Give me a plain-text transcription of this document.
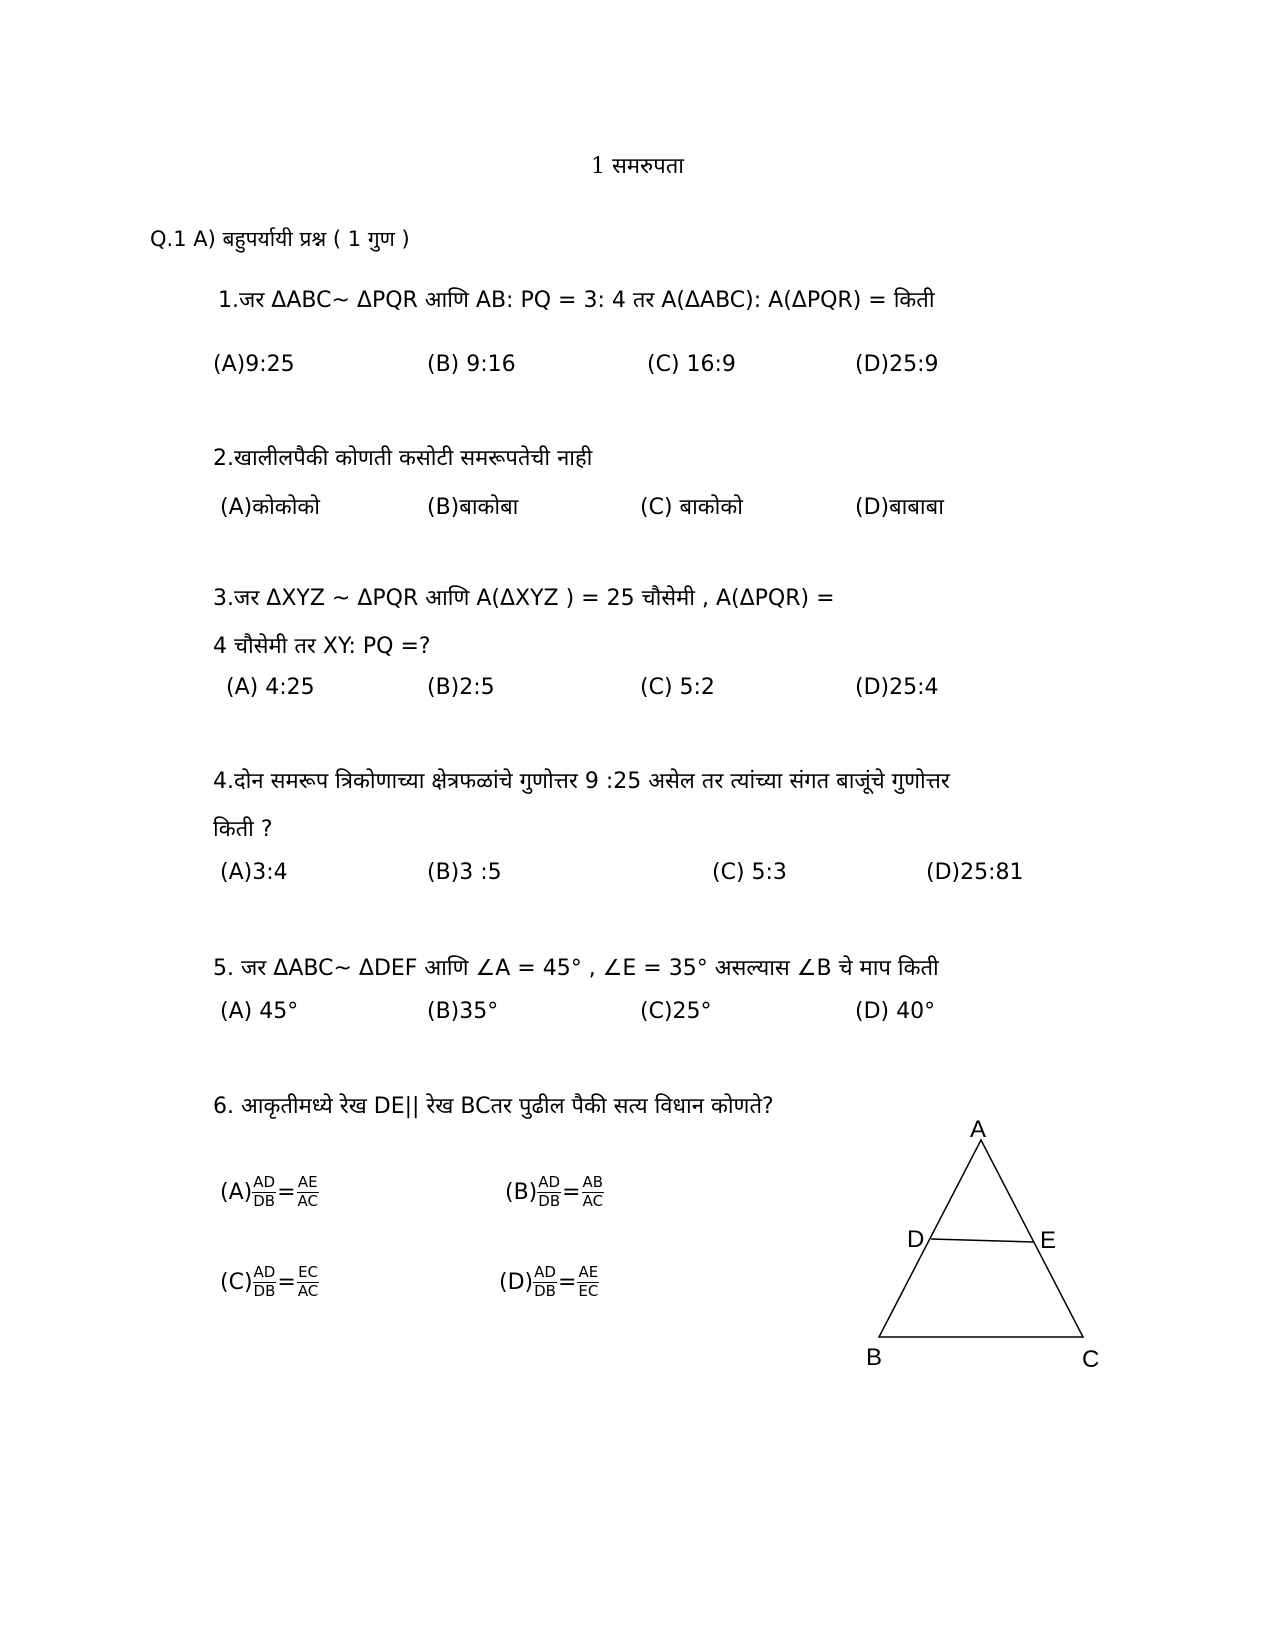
1 समरुपता
Q.1 A) बहुपर्यायी प्रश्न ( 1 गुण )
1.जर ΔABC~ ΔPQR आणि AB: PQ = 3: 4 तर A(ΔABC): A(ΔPQR) = किती
(A)9:25	(B) 9:16	(C) 16:9	(D)25:9
2.खालीलपैकी कोणती कसोटी समरूपतेची नाही
(A)कोकोको	(B)बाकोबा	(C) बाकोको	(D)बाबाबा
3.जर ΔXYZ ~ ΔPQR आणि A(ΔXYZ ) = 25 चौसेमी , A(ΔPQR) =
4 चौसेमी तर XY: PQ =?
(A) 4:25	(B)2:5	(C) 5:2	(D)25:4
4.दोन समरूप त्रिकोणाच्या क्षेत्रफळांचे गुणोत्तर 9 :25 असेल तर त्यांच्या संगत बाजूंचे गुणोत्तर
किती ?
(A)3:4	(B)3 :5	(C) 5:3	(D)25:81
5. जर ΔABC~ ΔDEF आणि ∠A = 45° , ∠E = 35° असल्यास ∠B चे माप किती
(A) 45°	(B)35°	(C)25°	(D) 40°
6. आकृतीमध्ये रेख DE|| रेख BCतर पुढील पैकी सत्य विधान कोणते?
$(A) \frac{AD}{DB} = \frac{AE}{AC}$	$(B) \frac{AD}{DB} = \frac{AB}{AC}$
$(C) \frac{AD}{DB} = \frac{EC}{AC}$	$(D) \frac{AD}{DB} = \frac{AE}{EC}$
A
D	E
B	C
